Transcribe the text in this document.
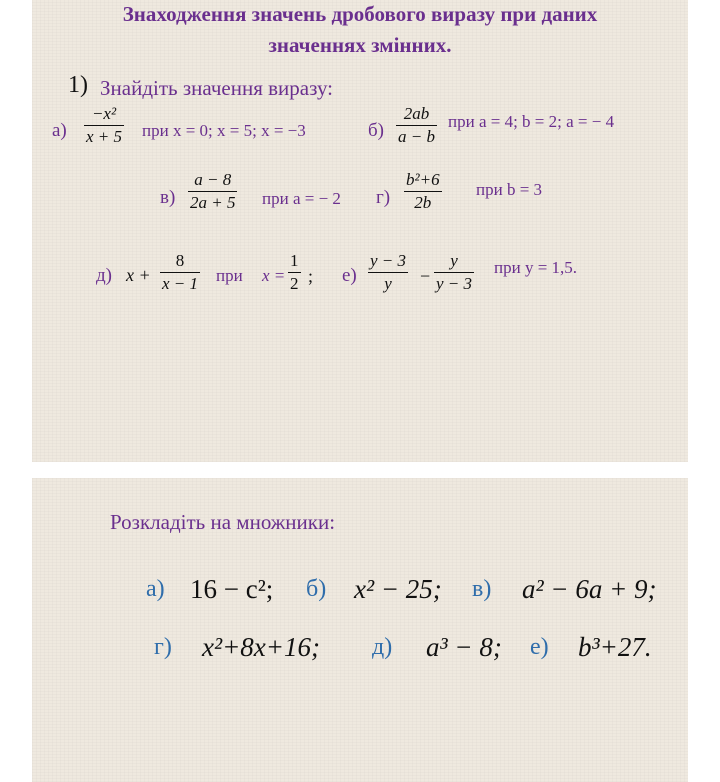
Знаходження значень дробового виразу при даних
значеннях змінних.
1) Знайдіть значення виразу:
а)
−x²
x + 5 при x = 0; x = 5; x = −3	б)
2ab
a − b
при a = 4; b = 2; a = − 4
в)
a − 8
2a + 5 при a = − 2 г)
b²+6
2b
при b = 3
д) x +
8
x − 1 при x =
1
2 ; е)
y − 3
y −
y
y − 3
при y = 1,5.
Розкладіть на множники:
а) 16 − c²; б) x² − 25; в) a² − 6a + 9;
г) x²+8x+16; д) a³ − 8; е) b³+27.
